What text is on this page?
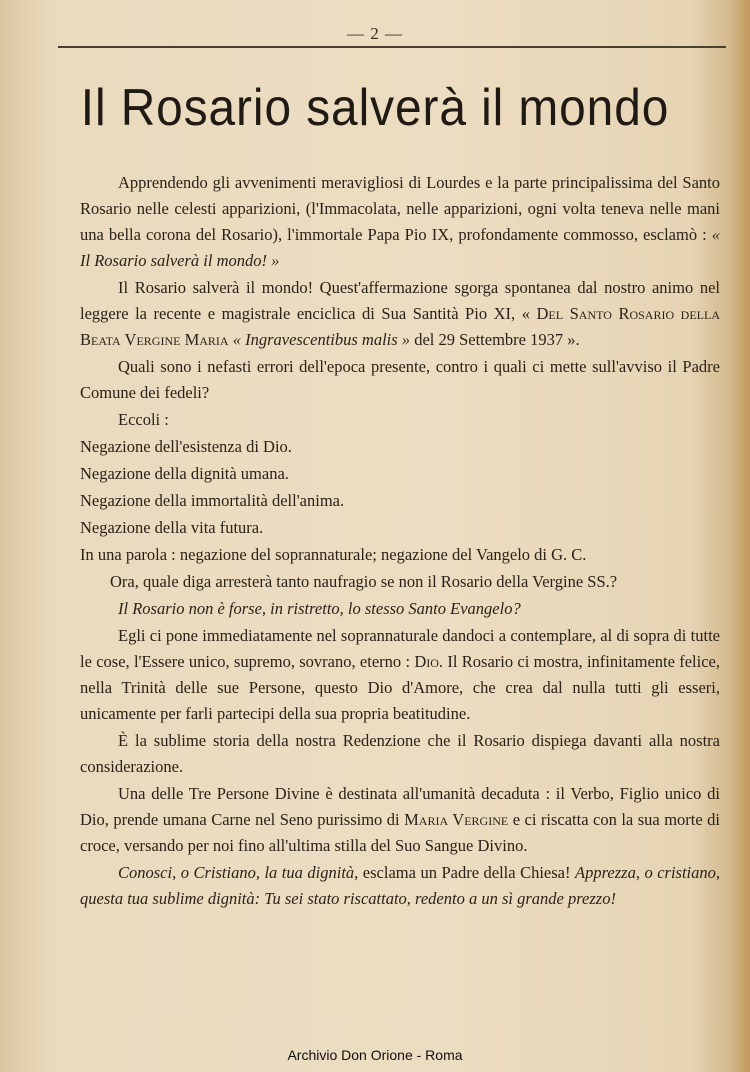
— 2 —
Il Rosario salverà il mondo

Apprendendo gli avvenimenti meravigliosi di Lourdes e la parte principalissima del Santo Rosario nelle celesti apparizioni, (l'Immacolata, nelle apparizioni, ogni volta teneva nelle mani una bella corona del Rosario), l'immortale Papa Pio IX, profondamente commosso, esclamò : « Il Rosario salverà il mondo! »

Il Rosario salverà il mondo! Quest'affermazione sgorga spontanea dal nostro animo nel leggere la recente e magistrale enciclica di Sua Santità Pio XI, « Del Santo Rosario della Beata Vergine Maria « Ingravescentibus malis » del 29 Settembre 1937 ».

Quali sono i nefasti errori dell'epoca presente, contro i quali ci mette sull'avviso il Padre Comune dei fedeli?

Eccoli :

Negazione dell'esistenza di Dio.

Negazione della dignità umana.

Negazione della immortalità dell'anima.

Negazione della vita futura.

In una parola : negazione del soprannaturale; negazione del Vangelo di G. C.

Ora, quale diga arresterà tanto naufragio se non il Rosario della Vergine SS.?

Il Rosario non è forse, in ristretto, lo stesso Santo Evangelo?

Egli ci pone immediatamente nel soprannaturale dandoci a contemplare, al di sopra di tutte le cose, l'Essere unico, supremo, sovrano, eterno : Dio. Il Rosario ci mostra, infinitamente felice, nella Trinità delle sue Persone, questo Dio d'Amore, che crea dal nulla tutti gli esseri, unicamente per farli partecipi della sua propria beatitudine.

È la sublime storia della nostra Redenzione che il Rosario dispiega davanti alla nostra considerazione.

Una delle Tre Persone Divine è destinata all'umanità decaduta : il Verbo, Figlio unico di Dio, prende umana Carne nel Seno purissimo di Maria Vergine e ci riscatta con la sua morte di croce, versando per noi fino all'ultima stilla del Suo Sangue Divino.

Conosci, o Cristiano, la tua dignità, esclama un Padre della Chiesa! Apprezza, o cristiano, questa tua sublime dignità: Tu sei stato riscattato, redento a un sì grande prezzo!

Archivio Don Orione - Roma
